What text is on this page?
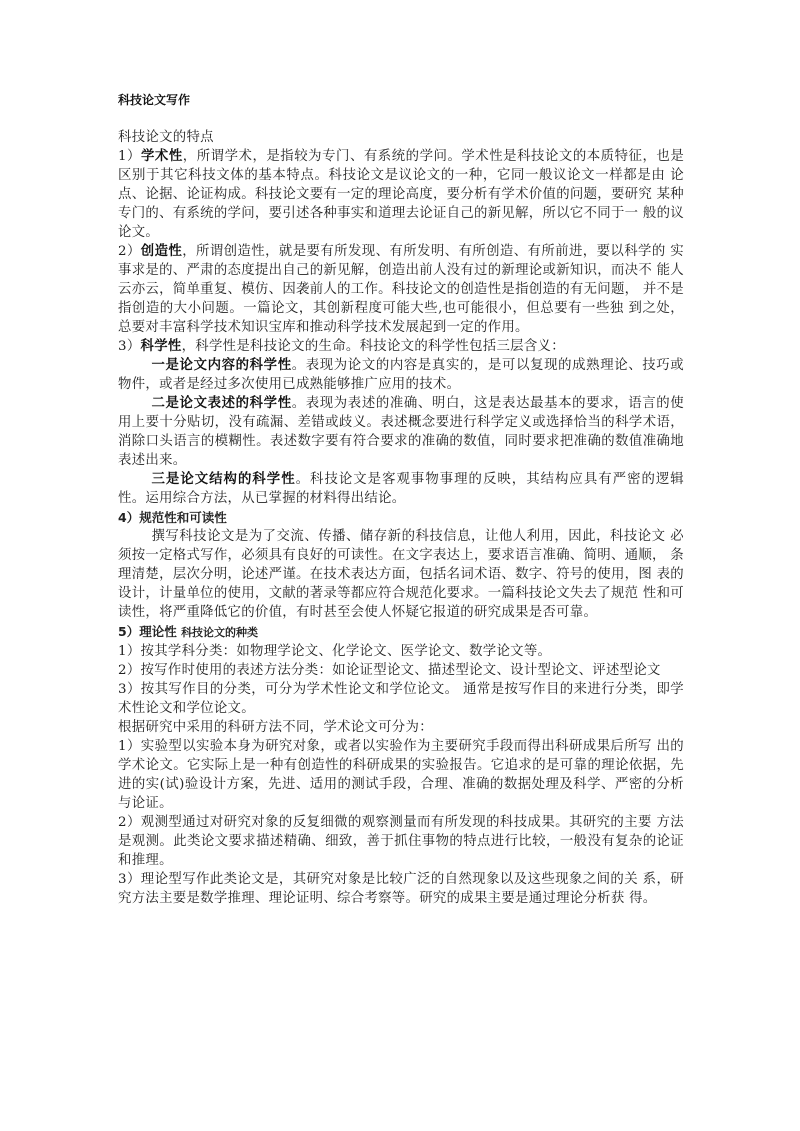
科技论文写作

科技论文的特点

1）学术性，所谓学术，是指较为专门、有系统的学问。学术性是科技论文的本质特征，也是区别于其它科技文体的基本特点。科技论文是议论文的一种，它同一般议论文一样都是由 论点、论据、论证构成。科技论文要有一定的理论高度，要分析有学术价值的问题，要研究 某种专门的、有系统的学问，要引述各种事实和道理去论证自己的新见解，所以它不同于一 般的议论文。

2）创造性，所谓创造性，就是要有所发现、有所发明、有所创造、有所前进，要以科学的 实事求是的、严肃的态度提出自己的新见解，创造出前人没有过的新理论或新知识，而决不 能人云亦云，简单重复、模仿、因袭前人的工作。科技论文的创造性是指创造的有无问题， 并不是指创造的大小问题。一篇论文，其创新程度可能大些,也可能很小，但总要有一些独 到之处，总要对丰富科学技术知识宝库和推动科学技术发展起到一定的作用。

3）科学性，科学性是科技论文的生命。科技论文的科学性包括三层含义：

一是论文内容的科学性。表现为论文的内容是真实的，是可以复现的成熟理论、技巧或物件，或者是经过多次使用已成熟能够推广应用的技术。

二是论文表述的科学性。表现为表述的准确、明白，这是表达最基本的要求，语言的使用上要十分贴切，没有疏漏、差错或歧义。表述概念要进行科学定义或选择恰当的科学术语，消除口头语言的模糊性。表述数字要有符合要求的准确的数值，同时要求把准确的数值准确地表述出来。

三是论文结构的科学性。科技论文是客观事物事理的反映，其结构应具有严密的逻辑性。运用综合方法，从已掌握的材料得出结论。

4）规范性和可读性

撰写科技论文是为了交流、传播、储存新的科技信息，让他人利用，因此，科技论文 必须按一定格式写作，必须具有良好的可读性。在文字表达上，要求语言准确、简明、通顺， 条理清楚，层次分明，论述严谨。在技术表达方面，包括名词术语、数字、符号的使用，图 表的设计，计量单位的使用，文献的著录等都应符合规范化要求。一篇科技论文失去了规范 性和可读性，将严重降低它的价值，有时甚至会使人怀疑它报道的研究成果是否可靠。

5）理论性 科技论文的种类

1）按其学科分类：如物理学论文、化学论文、医学论文、数学论文等。

2）按写作时使用的表述方法分类：如论证型论文、描述型论文、设计型论文、评述型论文

3）按其写作目的分类，可分为学术性论文和学位论文。 通常是按写作目的来进行分类，即学术性论文和学位论文。

根据研究中采用的科研方法不同，学术论文可分为：

1）实验型以实验本身为研究对象，或者以实验作为主要研究手段而得出科研成果后所写 出的学术论文。它实际上是一种有创造性的科研成果的实验报告。它追求的是可靠的理论依据，先进的实(试)验设计方案，先进、适用的测试手段，合理、准确的数据处理及科学、严密的分析与论证。

2）观测型通过对研究对象的反复细微的观察测量而有所发现的科技成果。其研究的主要 方法是观测。此类论文要求描述精确、细致，善于抓住事物的特点进行比较，一般没有复杂的论证和推理。

3）理论型写作此类论文是，其研究对象是比较广泛的自然现象以及这些现象之间的关 系，研究方法主要是数学推理、理论证明、综合考察等。研究的成果主要是通过理论分析获 得。
